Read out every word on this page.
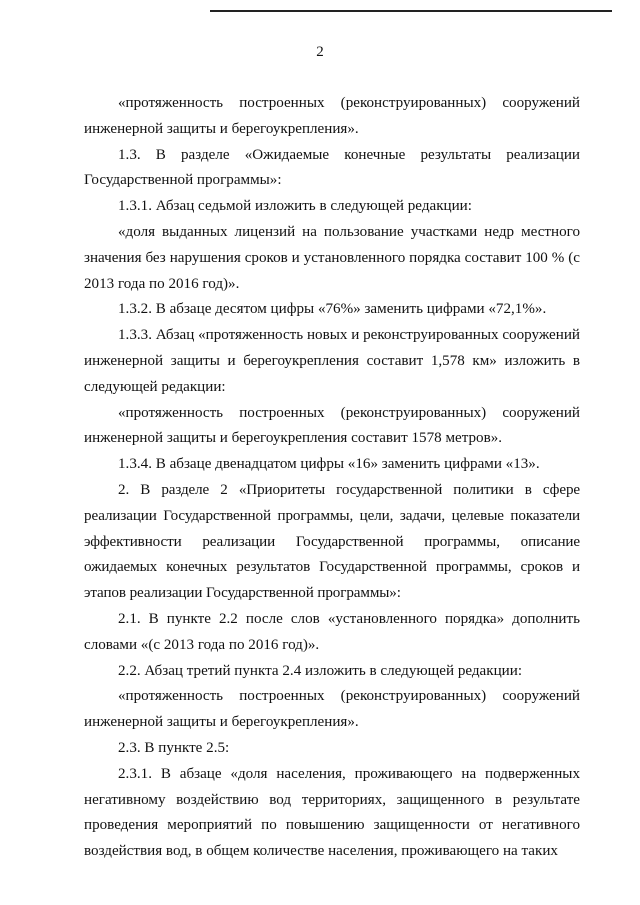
2

«протяженность построенных (реконструированных) сооружений инженерной защиты и берегоукрепления».

1.3. В разделе «Ожидаемые конечные результаты реализации Государственной программы»:

1.3.1. Абзац седьмой изложить в следующей редакции:

«доля выданных лицензий на пользование участками недр местного значения без нарушения сроков и установленного порядка составит 100 % (с 2013 года по 2016 год)».

1.3.2. В абзаце десятом цифры «76%» заменить цифрами «72,1%».

1.3.3. Абзац «протяженность новых и реконструированных сооружений инженерной защиты и берегоукрепления составит 1,578 км» изложить в следующей редакции:

«протяженность построенных (реконструированных) сооружений инженерной защиты и берегоукрепления составит 1578 метров».

1.3.4. В абзаце двенадцатом цифры «16» заменить цифрами «13».

2. В разделе 2 «Приоритеты государственной политики в сфере реализации Государственной программы, цели, задачи, целевые показатели эффективности реализации Государственной программы, описание ожидаемых конечных результатов Государственной программы, сроков и этапов реализации Государственной программы»:

2.1. В пункте 2.2 после слов «установленного порядка» дополнить словами «(с 2013 года по 2016 год)».

2.2. Абзац третий пункта 2.4 изложить в следующей редакции:

«протяженность построенных (реконструированных) сооружений инженерной защиты и берегоукрепления».

2.3. В пункте 2.5:

2.3.1. В абзаце «доля населения, проживающего на подверженных негативному воздействию вод территориях, защищенного в результате проведения мероприятий по повышению защищенности от негативного воздействия вод, в общем количестве населения, проживающего на таких
